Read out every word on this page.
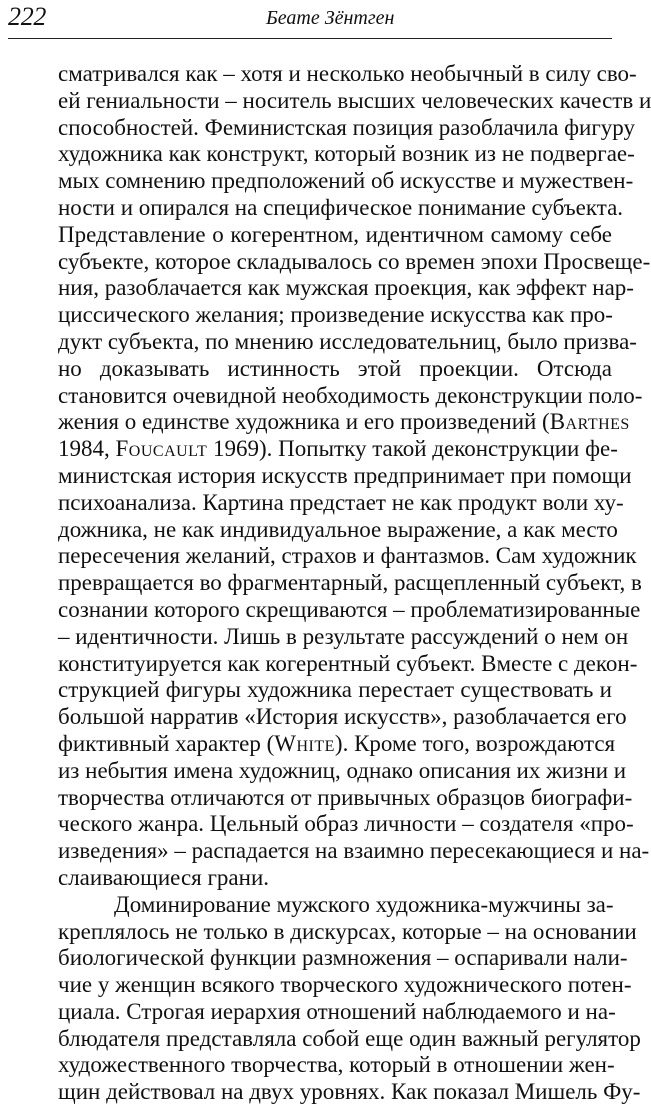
222	Беате Зёнтген
сматривался как – хотя и несколько необычный в силу сво-
ей гениальности – носитель высших человеческих качеств и
способностей. Феминистская позиция разоблачила фигуру
художника как конструкт, который возник из не подвергае-
мых сомнению предположений об искусстве и мужествен-
ности и опирался на специфическое понимание субъекта.
Представление о когерентном, идентичном самому себе
субъекте, которое складывалось со времен эпохи Просвеще-
ния, разоблачается как мужская проекция, как эффект нар-
циссического желания; произведение искусства как про-
дукт субъекта, по мнению исследовательниц, было призва-
но доказывать истинность этой проекции. Отсюда
становится очевидной необходимость деконструкции поло-
жения о единстве художника и его произведений (Barthes
1984, Foucault 1969). Попытку такой деконструкции фе-
министская история искусств предпринимает при помощи
психоанализа. Картина предстает не как продукт воли ху-
дожника, не как индивидуальное выражение, а как место
пересечения желаний, страхов и фантазмов. Сам художник
превращается во фрагментарный, расщепленный субъект, в
сознании которого скрещиваются – проблематизированные
– идентичности. Лишь в результате рассуждений о нем он
конституируется как когерентный субъект. Вместе с декон-
струкцией фигуры художника перестает существовать и
большой нарратив «История искусств», разоблачается его
фиктивный характер (White). Кроме того, возрождаются
из небытия имена художниц, однако описания их жизни и
творчества отличаются от привычных образцов биографи-
ческого жанра. Цельный образ личности – создателя «про-
изведения» – распадается на взаимно пересекающиеся и на-
слаивающиеся грани.
Доминирование мужского художника-мужчины за-
креплялось не только в дискурсах, которые – на основании
биологической функции размножения – оспаривали нали-
чие у женщин всякого творческого художнического потен-
циала. Строгая иерархия отношений наблюдаемого и на-
блюдателя представляла собой еще один важный регулятор
художественного творчества, который в отношении жен-
щин действовал на двух уровнях. Как показал Мишель Фу-
